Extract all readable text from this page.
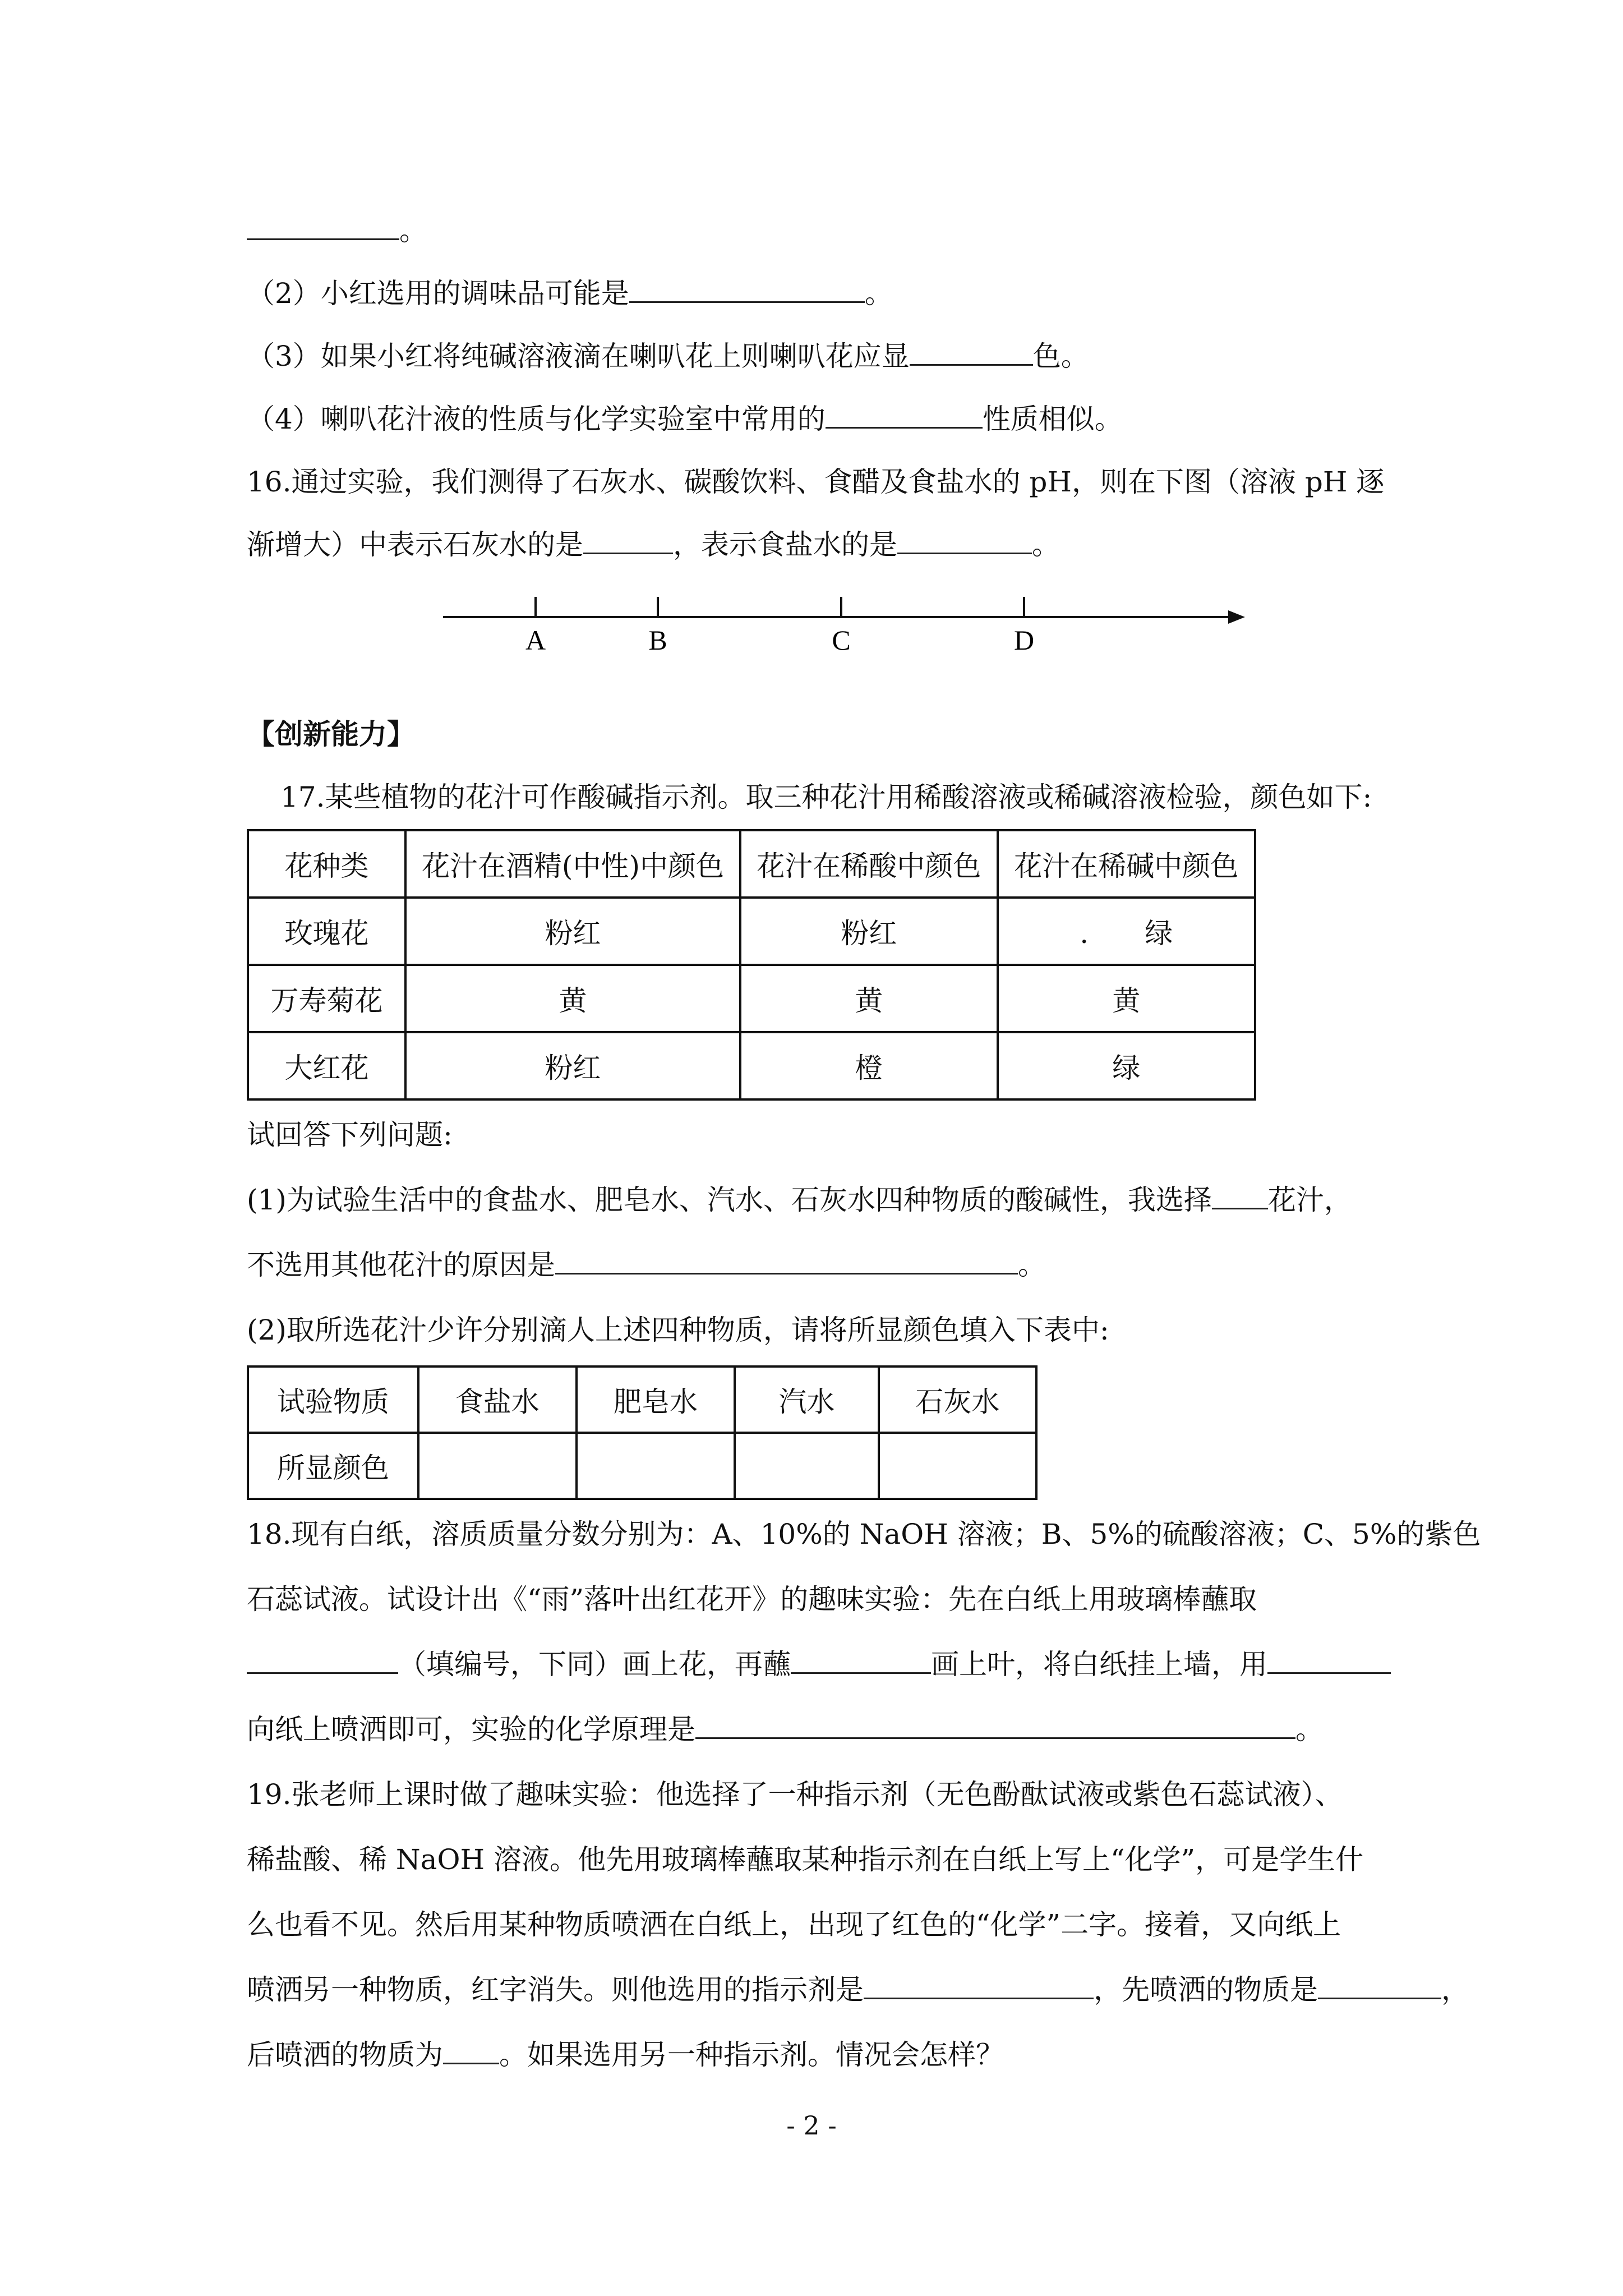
。
（2）小红选用的调味品可能是	。
（3）如果小红将纯碱溶液滴在喇叭花上则喇叭花应显	色。
（4）喇叭花汁液的性质与化学实验室中常用的	性质相似。
16.通过实验，我们测得了石灰水、碳酸饮料、食醋及食盐水的 pH，则在下图（溶液 pH 逐
渐增大）中表示石灰水的是	，表示食盐水的是	。
A	B	C	D
【创新能力】
17.某些植物的花汁可作酸碱指示剂。取三种花汁用稀酸溶液或稀碱溶液检验，颜色如下:
花种类	花汁在酒精(中性)中颜色	花汁在稀酸中颜色	花汁在稀碱中颜色
玫瑰花	粉红	粉红	.　　绿
万寿菊花	黄	黄	黄
大红花	粉红	橙	绿
试回答下列问题:
(1)为试验生活中的食盐水、肥皂水、汽水、石灰水四种物质的酸碱性，我选择 花汁，
不选用其他花汁的原因是	。
(2)取所选花汁少许分别滴人上述四种物质，请将所显颜色填入下表中:
试验物质	食盐水	肥皂水	汽水	石灰水
所显颜色				
18.现有白纸，溶质质量分数分别为：A、10%的 NaOH 溶液；B、5%的硫酸溶液；C、5%的紫色
石蕊试液。试设计出《“雨”落叶出红花开》的趣味实验：先在白纸上用玻璃棒蘸取
（填编号，下同）画上花，再蘸	画上叶，将白纸挂上墙，用
向纸上喷洒即可，实验的化学原理是	。
19.张老师上课时做了趣味实验：他选择了一种指示剂（无色酚酞试液或紫色石蕊试液）、
稀盐酸、稀 NaOH 溶液。他先用玻璃棒蘸取某种指示剂在白纸上写上“化学”，可是学生什
么也看不见。然后用某种物质喷洒在白纸上，出现了红色的“化学”二字。接着，又向纸上
喷洒另一种物质，红字消失。则他选用的指示剂是	，先喷洒的物质是	，
后喷洒的物质为 。如果选用另一种指示剂。情况会怎样？
- 2 -
